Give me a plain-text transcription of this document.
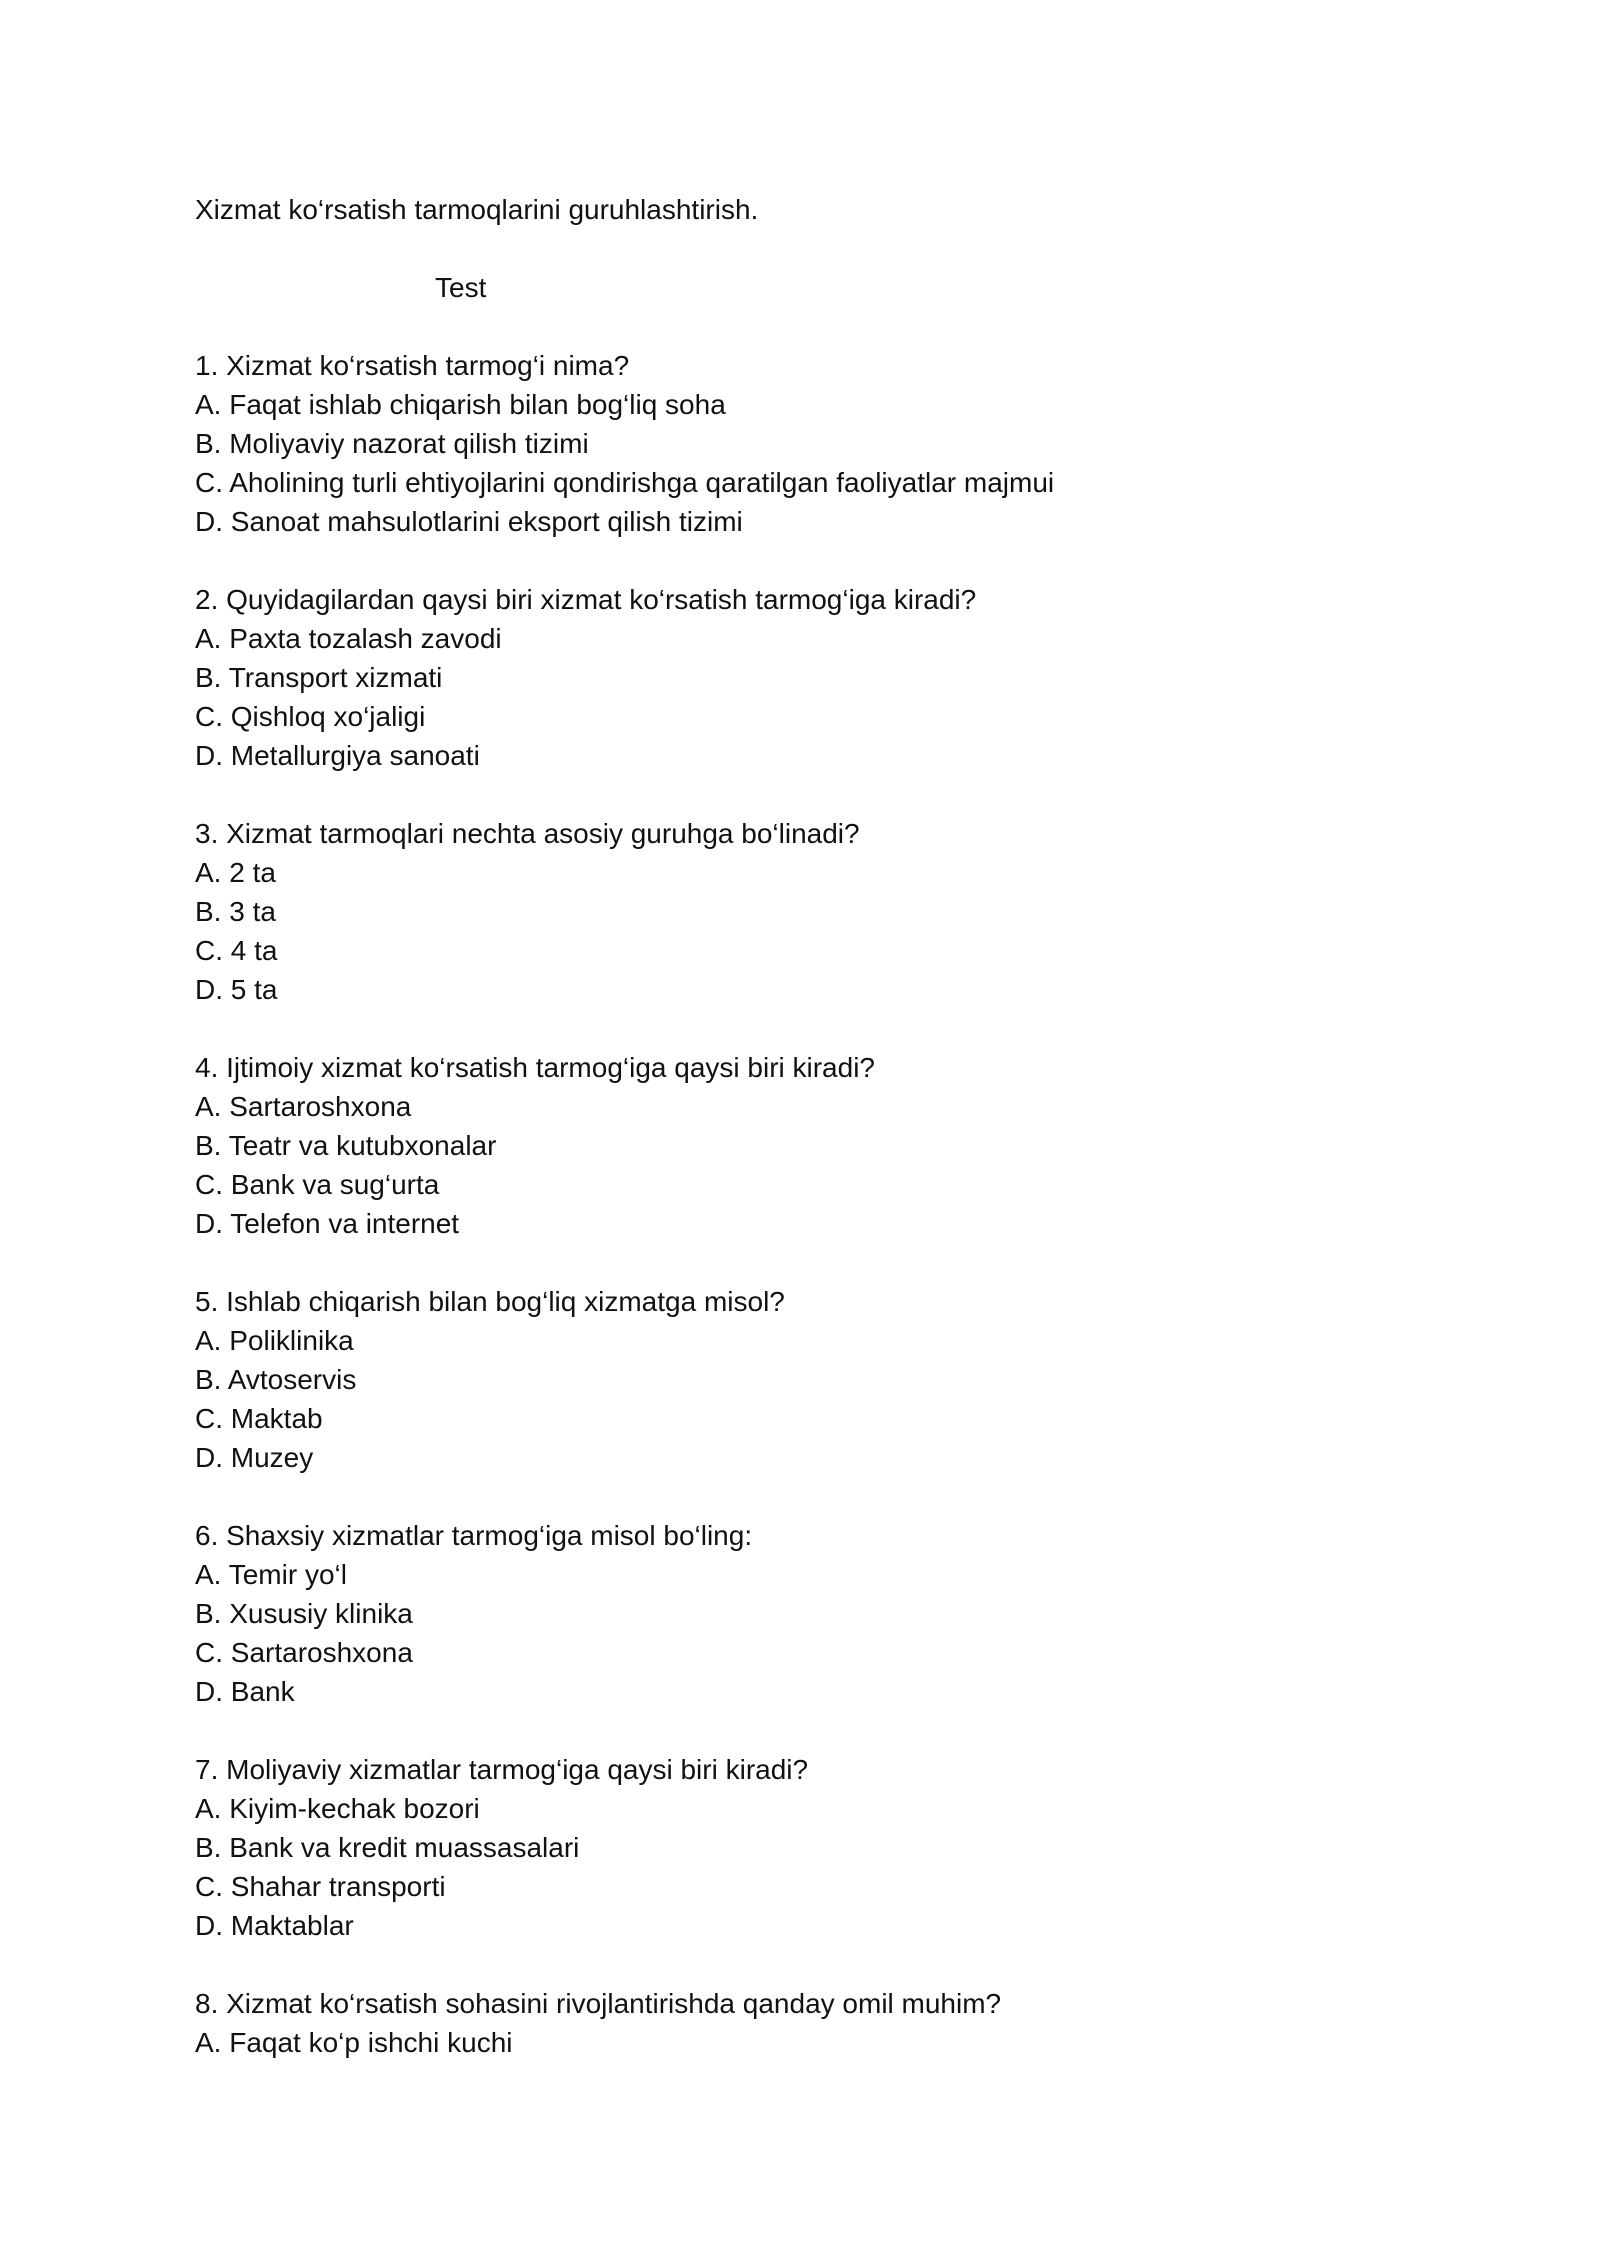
Xizmat ko‘rsatish tarmoqlarini guruhlashtirish.
Test
1. Xizmat ko‘rsatish tarmog‘i nima?
A. Faqat ishlab chiqarish bilan bog‘liq soha
B. Moliyaviy nazorat qilish tizimi
C. Aholining turli ehtiyojlarini qondirishga qaratilgan faoliyatlar majmui
D. Sanoat mahsulotlarini eksport qilish tizimi
2. Quyidagilardan qaysi biri xizmat ko‘rsatish tarmog‘iga kiradi?
A. Paxta tozalash zavodi
B. Transport xizmati
C. Qishloq xo‘jaligi
D. Metallurgiya sanoati
3. Xizmat tarmoqlari nechta asosiy guruhga bo‘linadi?
A. 2 ta
B. 3 ta
C. 4 ta
D. 5 ta
4. Ijtimoiy xizmat ko‘rsatish tarmog‘iga qaysi biri kiradi?
A. Sartaroshxona
B. Teatr va kutubxonalar
C. Bank va sug‘urta
D. Telefon va internet
5. Ishlab chiqarish bilan bog‘liq xizmatga misol?
A. Poliklinika
B. Avtoservis
C. Maktab
D. Muzey
6. Shaxsiy xizmatlar tarmog‘iga misol bo‘ling:
A. Temir yo‘l
B. Xususiy klinika
C. Sartaroshxona
D. Bank
7. Moliyaviy xizmatlar tarmog‘iga qaysi biri kiradi?
A. Kiyim-kechak bozori
B. Bank va kredit muassasalari
C. Shahar transporti
D. Maktablar
8. Xizmat ko‘rsatish sohasini rivojlantirishda qanday omil muhim?
A. Faqat ko‘p ishchi kuchi
